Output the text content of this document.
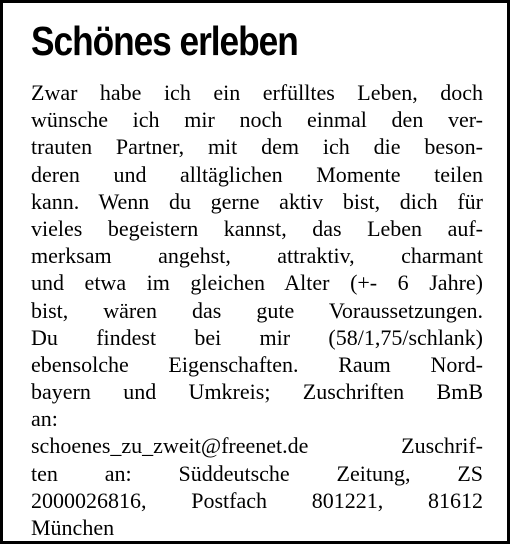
Schönes erleben
Zwar habe ich ein erfülltes Leben, doch
wünsche ich mir noch einmal den ver-
trauten Partner, mit dem ich die beson-
deren und alltäglichen Momente teilen
kann. Wenn du gerne aktiv bist, dich für
vieles begeistern kannst, das Leben auf-
merksam angehst, attraktiv, charmant
und etwa im gleichen Alter (+- 6 Jahre)
bist, wären das gute Voraussetzungen.
Du findest bei mir (58/1,75/schlank)
ebensolche Eigenschaften. Raum Nord-
bayern und Umkreis; Zuschriften BmB
an:
schoenes_zu_zweit@freenet.de Zuschrif-
ten an: Süddeutsche Zeitung, ZS
2000026816, Postfach 801221, 81612
München
